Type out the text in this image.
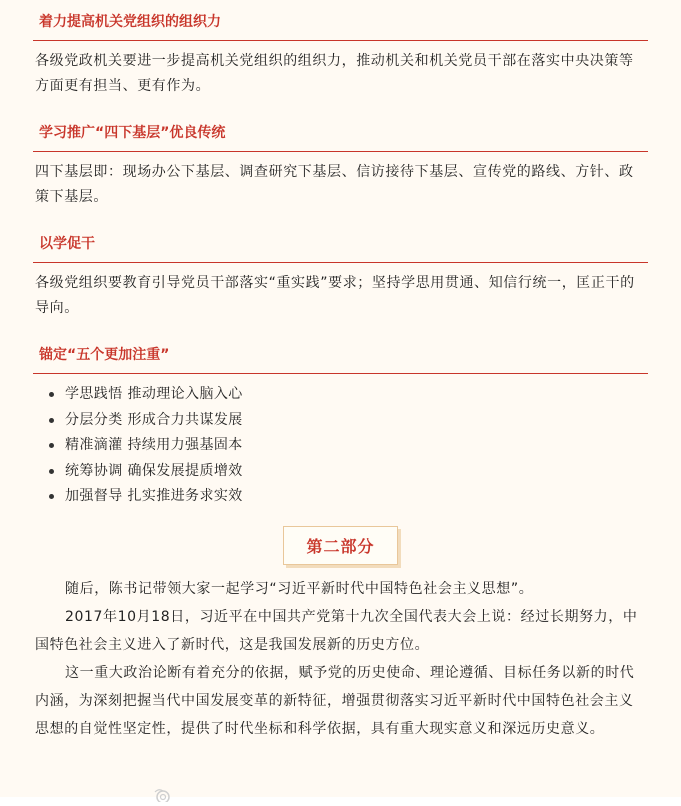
着力提高机关党组织的组织力
各级党政机关要进一步提高机关党组织的组织力，推动机关和机关党员干部在落实中央决策等方面更有担当、更有作为。
学习推广“四下基层”优良传统
四下基层即：现场办公下基层、调查研究下基层、信访接待下基层、宣传党的路线、方针、政策下基层。
以学促干
各级党组织要教育引导党员干部落实“重实践”要求；坚持学思用贯通、知信行统一，匡正干的导向。
锚定“五个更加注重”
学思践悟 推动理论入脑入心
分层分类 形成合力共谋发展
精准滴灌 持续用力强基固本
统筹协调 确保发展提质增效
加强督导 扎实推进务求实效
第二部分

随后，陈书记带领大家一起学习“习近平新时代中国特色社会主义思想”。

2017年10月18日，习近平在中国共产党第十九次全国代表大会上说：经过长期努力，中国特色社会主义进入了新时代，这是我国发展新的历史方位。

这一重大政治论断有着充分的依据，赋予党的历史使命、理论遵循、目标任务以新的时代内涵，为深刻把握当代中国发展变革的新特征，增强贯彻落实习近平新时代中国特色社会主义思想的自觉性坚定性，提供了时代坐标和科学依据，具有重大现实意义和深远历史意义。
